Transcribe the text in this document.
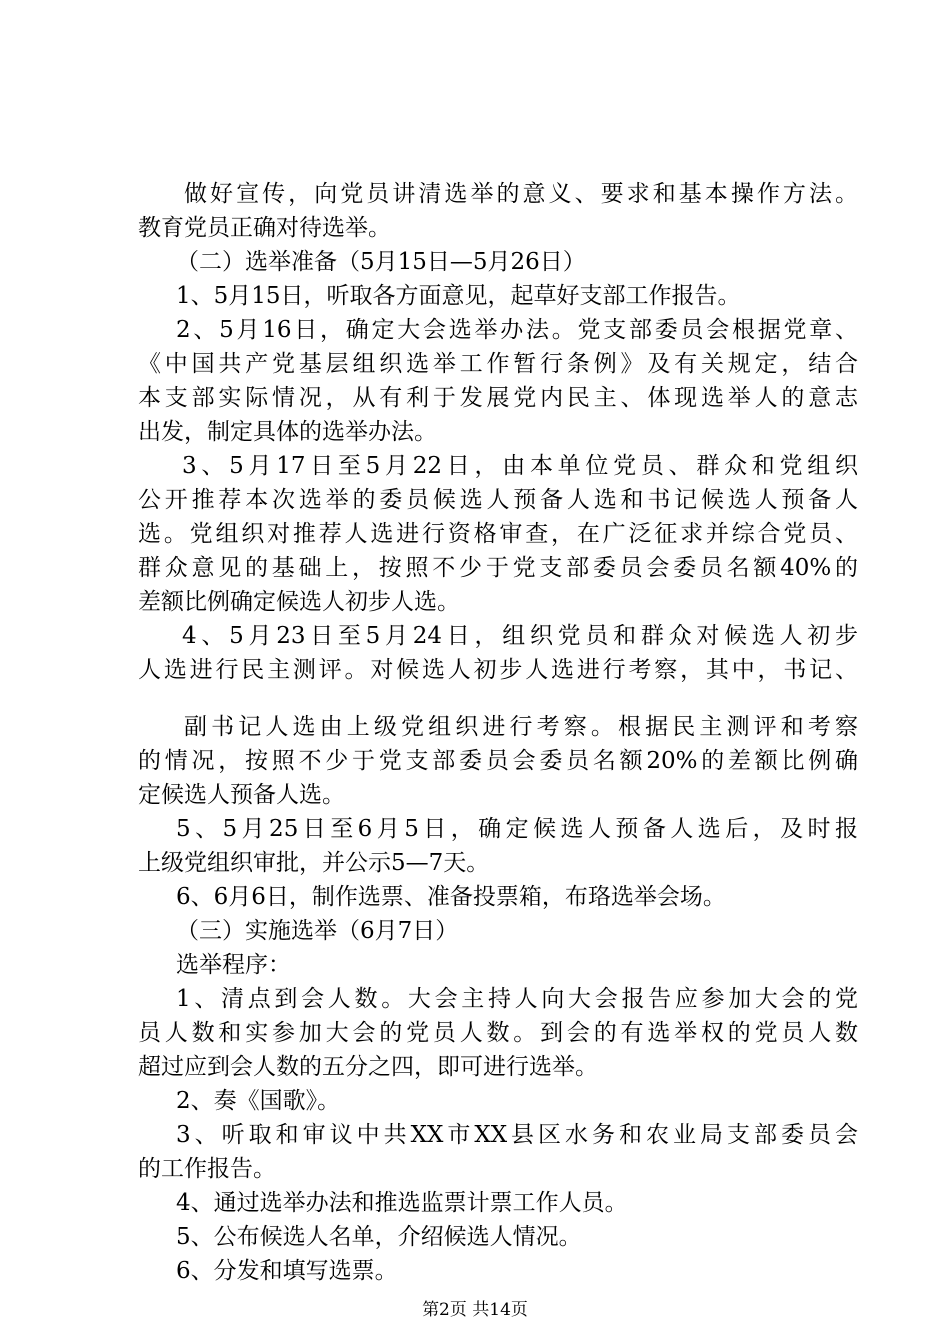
做好宣传，向党员讲清选举的意义、要求和基本操作方法。
教育党员正确对待选举。
（二）选举准备（5月15日—5月26日）
1、5月15日，听取各方面意见，起草好支部工作报告。
2、5月16日，确定大会选举办法。党支部委员会根据党章、
《中国共产党基层组织选举工作暂行条例》及有关规定，结合
本支部实际情况，从有利于发展党内民主、体现选举人的意志
出发，制定具体的选举办法。
3、5月17日至5月22日，由本单位党员、群众和党组织
公开推荐本次选举的委员候选人预备人选和书记候选人预备人
选。党组织对推荐人选进行资格审查，在广泛征求并综合党员、
群众意见的基础上，按照不少于党支部委员会委员名额40%的
差额比例确定候选人初步人选。
4、5月23日至5月24日，组织党员和群众对候选人初步
人选进行民主测评。对候选人初步人选进行考察，其中，书记、
副书记人选由上级党组织进行考察。根据民主测评和考察
的情况，按照不少于党支部委员会委员名额20%的差额比例确
定候选人预备人选。
5、5月25日至6月5日，确定候选人预备人选后，及时报
上级党组织审批，并公示5—7天。
6、6月6日，制作选票、准备投票箱，布珞选举会场。
（三）实施选举（6月7日）
选举程序：
1、清点到会人数。大会主持人向大会报告应参加大会的党
员人数和实参加大会的党员人数。到会的有选举权的党员人数
超过应到会人数的五分之四，即可进行选举。
2、奏《国歌》。
3、听取和审议中共XX市XX县区水务和农业局支部委员会
的工作报告。
4、通过选举办法和推选监票计票工作人员。
5、公布候选人名单，介绍候选人情况。
6、分发和填写选票。
第2页 共14页
